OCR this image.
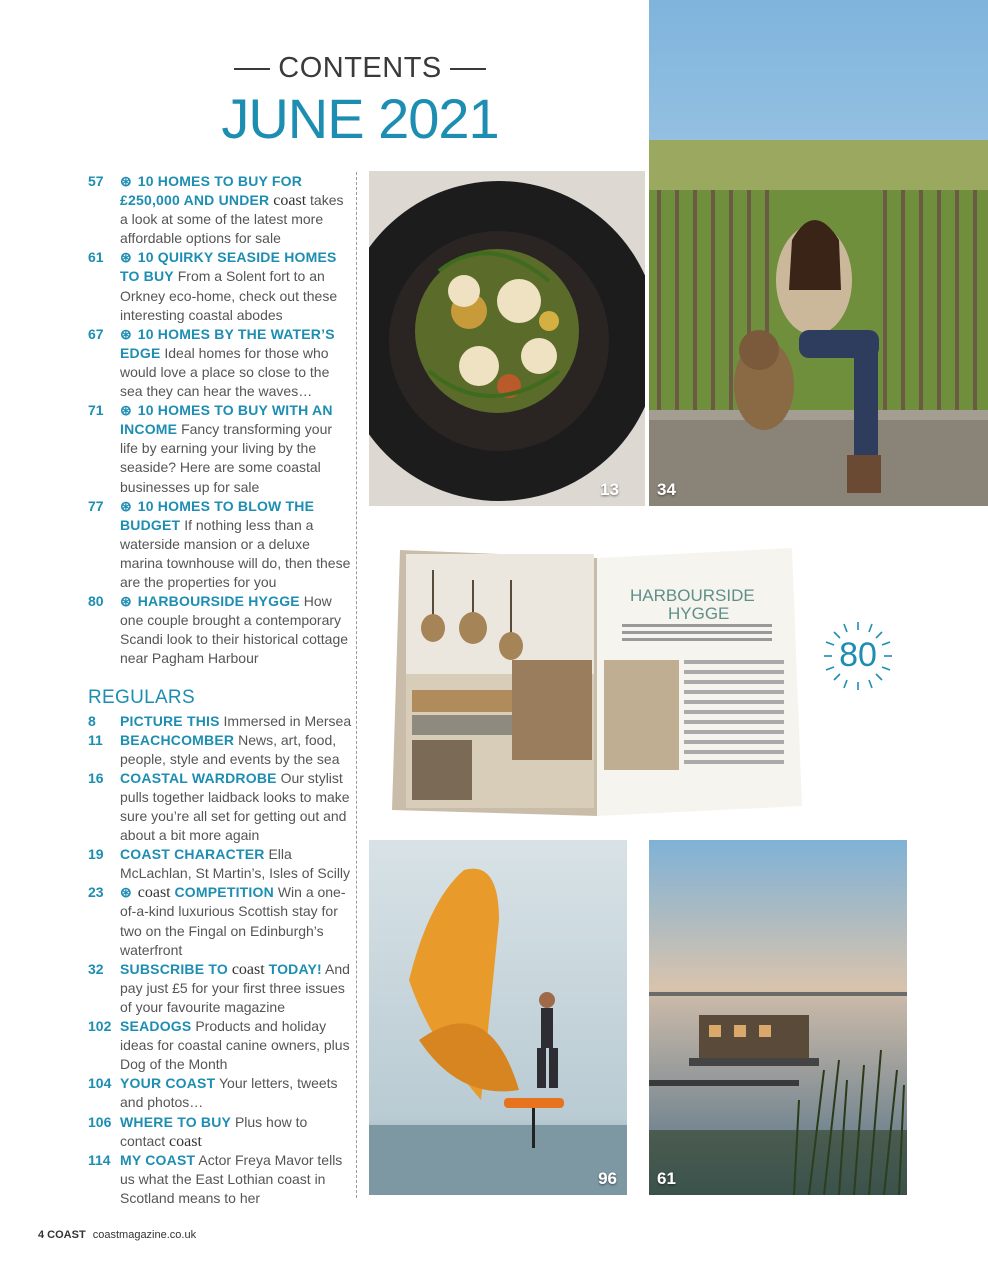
CONTENTS
JUNE 2021
57	⊛ 10 HOMES TO BUY FOR £250,000 AND UNDER coast takes a look at some of the latest more affordable options for sale
61	⊛ 10 QUIRKY SEASIDE HOMES TO BUY From a Solent fort to an Orkney eco-home, check out these interesting coastal abodes
67	⊛ 10 HOMES BY THE WATER’S EDGE Ideal homes for those who would love a place so close to the sea they can hear the waves…
71	⊛ 10 HOMES TO BUY WITH AN INCOME Fancy transforming your life by earning your living by the seaside? Here are some coastal businesses up for sale
77	⊛ 10 HOMES TO BLOW THE BUDGET If nothing less than a waterside mansion or a deluxe marina townhouse will do, then these are the properties for you
80	⊛ HARBOURSIDE HYGGE How one couple brought a contemporary Scandi look to their historical cottage near Pagham Harbour
REGULARS
8	PICTURE THIS Immersed in Mersea
11	BEACHCOMBER News, art, food, people, style and events by the sea
16	COASTAL WARDROBE Our stylist pulls together laidback looks to make sure you’re all set for getting out and about a bit more again
19	COAST CHARACTER Ella McLachlan, St Martin’s, Isles of Scilly
23	⊛ coast COMPETITION Win a one-of-a-kind luxurious Scottish stay for two on the Fingal on Edinburgh’s waterfront
32	SUBSCRIBE TO coast TODAY! And pay just £5 for your first three issues of your favourite magazine
102 SEADOGS Products and holiday ideas for coastal canine owners, plus Dog of the Month
104 YOUR COAST Your letters, tweets and photos…
106 WHERE TO BUY Plus how to contact coast
114 MY COAST Actor Freya Mavor tells us what the East Lothian coast in Scotland means to her
13 34
HARBOURSIDE
HYGGE
80
96 61
4 COAST coastmagazine.co.uk
